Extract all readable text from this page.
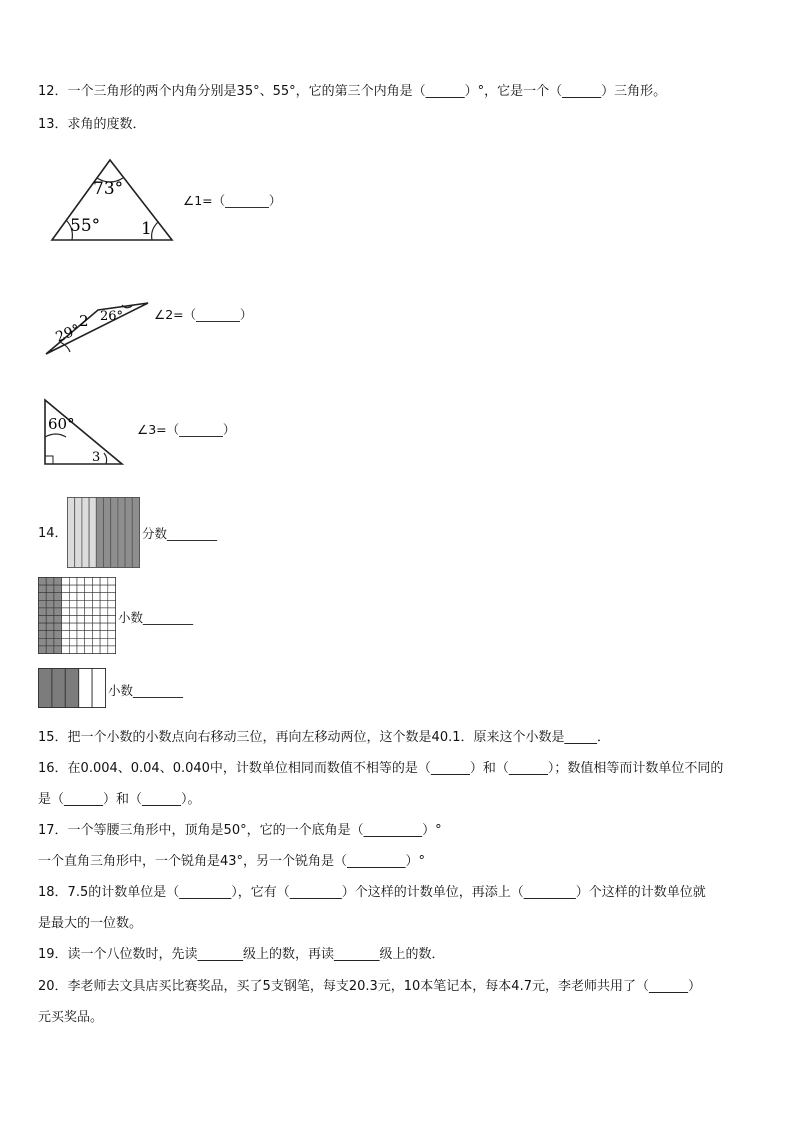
12．一个三角形的两个内角分别是35°、55°，它的第三个内角是（______）°，它是一个（______）三角形。
13．求角的度数．
73°
55° 1
∠1=（_______）
2 26°
29°
∠2=（_______）
60°
3
∠3=（_______）
14．	分数________
小数________
小数________
15．把一个小数的小数点向右移动三位，再向左移动两位，这个数是40.1．原来这个小数是_____．
16．在0.004、0.04、0.040中，计数单位相同而数值不相等的是（______）和（______）；数值相等而计数单位不同的
是（______）和（______）。
17．一个等腰三角形中，顶角是50°，它的一个底角是（_________）°
一个直角三角形中，一个锐角是43°，另一个锐角是（_________）°
18．7.5的计数单位是（________），它有（________）个这样的计数单位，再添上（________）个这样的计数单位就
是最大的一位数。
19．读一个八位数时，先读_______级上的数，再读_______级上的数．
20．李老师去文具店买比赛奖品，买了5支钢笔，每支20.3元，10本笔记本，每本4.7元，李老师共用了（______）
元买奖品。
